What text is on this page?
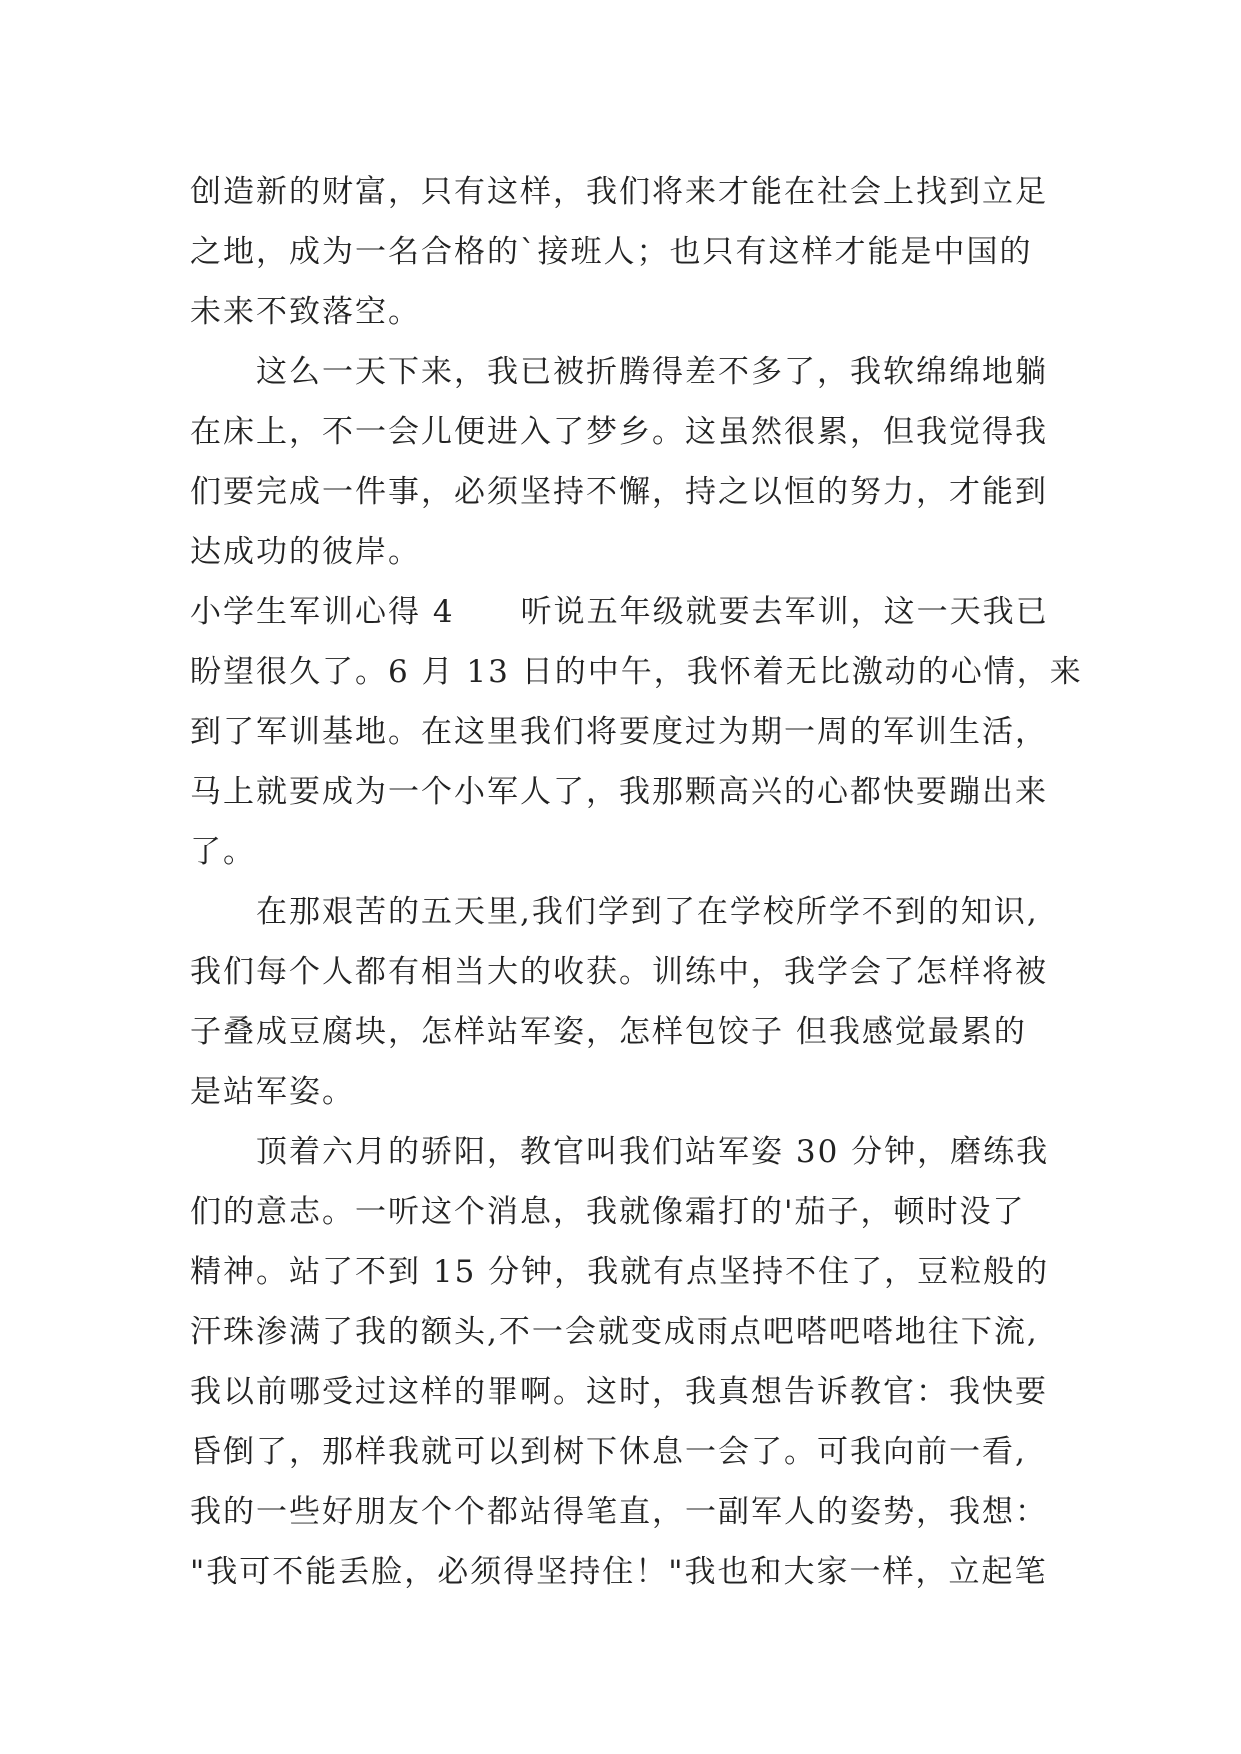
创造新的财富，只有这样，我们将来才能在社会上找到立足
之地，成为一名合格的`接班人；也只有这样才能是中国的
未来不致落空。
　　这么一天下来，我已被折腾得差不多了，我软绵绵地躺
在床上，不一会儿便进入了梦乡。这虽然很累，但我觉得我
们要完成一件事，必须坚持不懈，持之以恒的努力，才能到
达成功的彼岸。
小学生军训心得 4　　听说五年级就要去军训，这一天我已
盼望很久了。6 月 13 日的中午，我怀着无比激动的心情，来
到了军训基地。在这里我们将要度过为期一周的军训生活，
马上就要成为一个小军人了，我那颗高兴的心都快要蹦出来
了。
　　在那艰苦的五天里,我们学到了在学校所学不到的知识,
我们每个人都有相当大的收获。训练中，我学会了怎样将被
子叠成豆腐块，怎样站军姿，怎样包饺子 但我感觉最累的
是站军姿。
　　顶着六月的骄阳，教官叫我们站军姿 30 分钟，磨练我
们的意志。一听这个消息，我就像霜打的'茄子，顿时没了
精神。站了不到 15 分钟，我就有点坚持不住了，豆粒般的
汗珠渗满了我的额头,不一会就变成雨点吧嗒吧嗒地往下流,
我以前哪受过这样的罪啊。这时，我真想告诉教官：我快要
昏倒了，那样我就可以到树下休息一会了。可我向前一看,
我的一些好朋友个个都站得笔直，一副军人的姿势，我想：
"我可不能丢脸，必须得坚持住！"我也和大家一样，立起笔
